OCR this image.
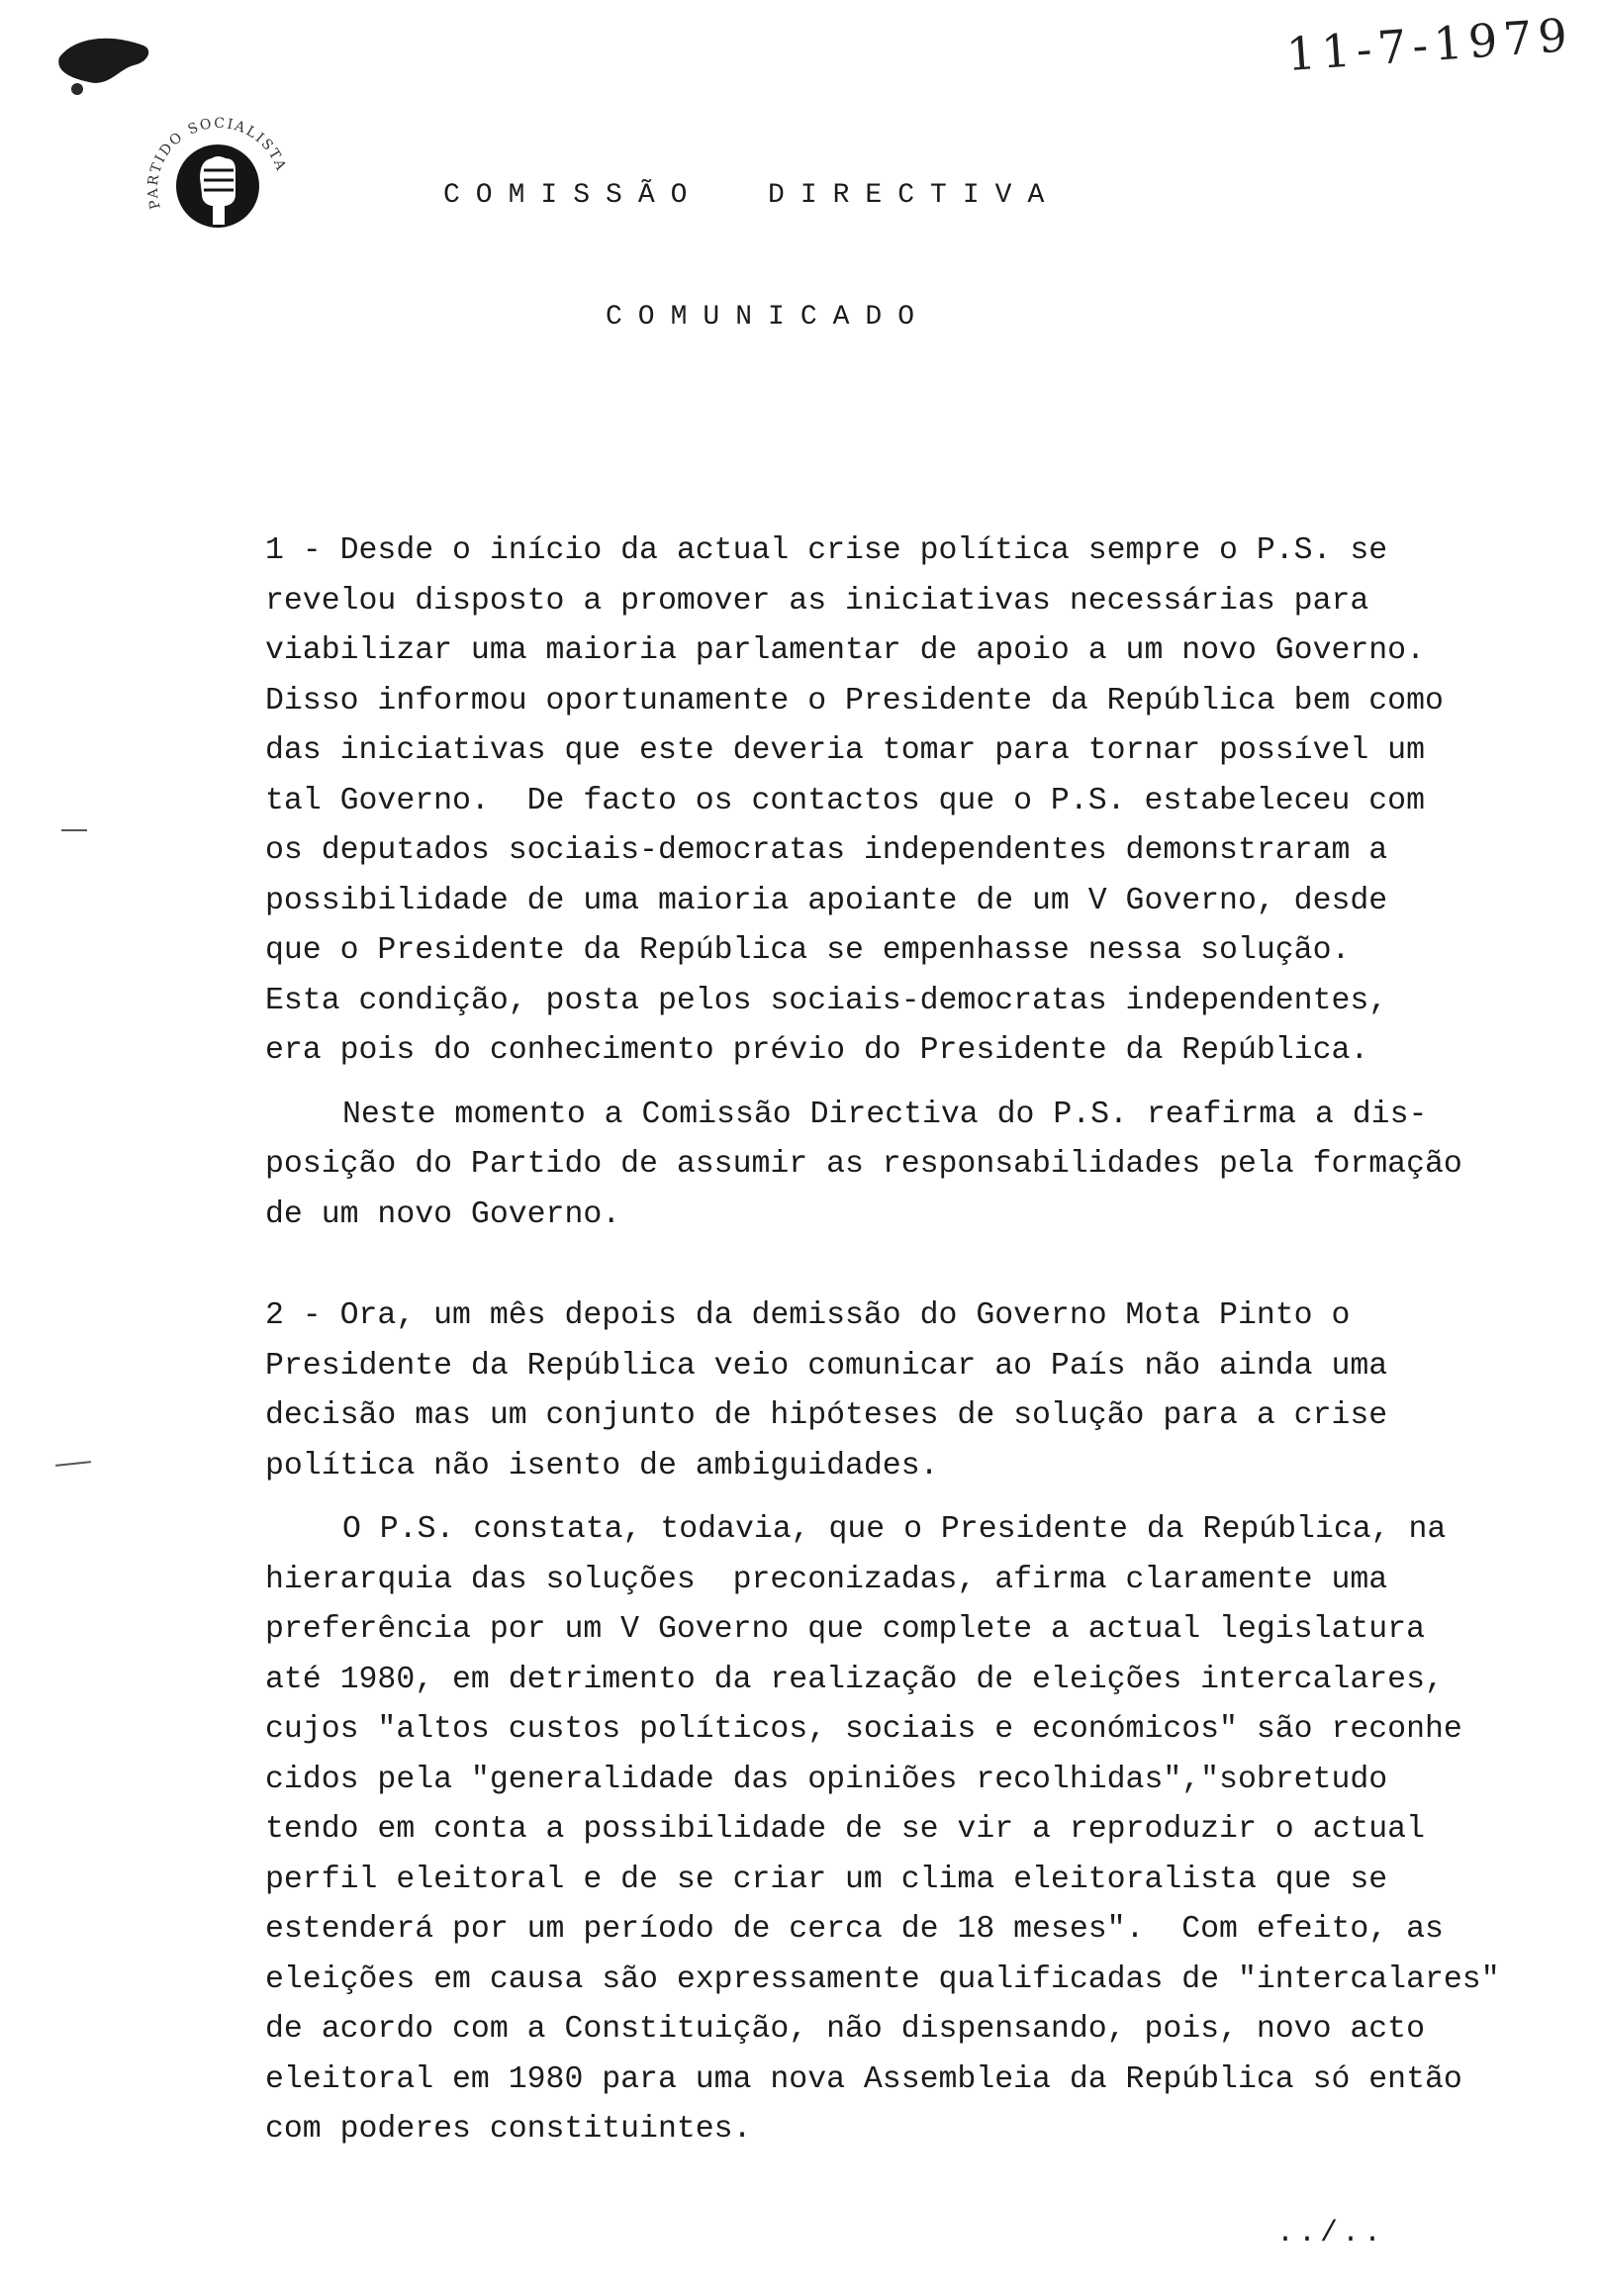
PARTIDO SOCIALISTA
11-7-1979
COMISSÃO  DIRECTIVA
COMUNICADO
1 - Desde o início da actual crise política sempre o P.S. se
revelou disposto a promover as iniciativas necessárias para
viabilizar uma maioria parlamentar de apoio a um novo Governo.
Disso informou oportunamente o Presidente da República bem como
das iniciativas que este deveria tomar para tornar possível um
tal Governo.  De facto os contactos que o P.S. estabeleceu com
os deputados sociais-democratas independentes demonstraram a
possibilidade de uma maioria apoiante de um V Governo, desde
que o Presidente da República se empenhasse nessa solução.
Esta condição, posta pelos sociais-democratas independentes,
era pois do conhecimento prévio do Presidente da República.
Neste momento a Comissão Directiva do P.S. reafirma a dis-
posição do Partido de assumir as responsabilidades pela formação
de um novo Governo.
2 - Ora, um mês depois da demissão do Governo Mota Pinto o
Presidente da República veio comunicar ao País não ainda uma
decisão mas um conjunto de hipóteses de solução para a crise
política não isento de ambiguidades.
O P.S. constata, todavia, que o Presidente da República, na
hierarquia das soluções  preconizadas, afirma claramente uma
preferência por um V Governo que complete a actual legislatura
até 1980, em detrimento da realização de eleições intercalares,
cujos "altos custos políticos, sociais e económicos" são reconhe
cidos pela "generalidade das opiniões recolhidas","sobretudo
tendo em conta a possibilidade de se vir a reproduzir o actual
perfil eleitoral e de se criar um clima eleitoralista que se
estenderá por um período de cerca de 18 meses".  Com efeito, as
eleições em causa são expressamente qualificadas de "intercalares"
de acordo com a Constituição, não dispensando, pois, novo acto
eleitoral em 1980 para uma nova Assembleia da República só então
com poderes constituintes.
../..
